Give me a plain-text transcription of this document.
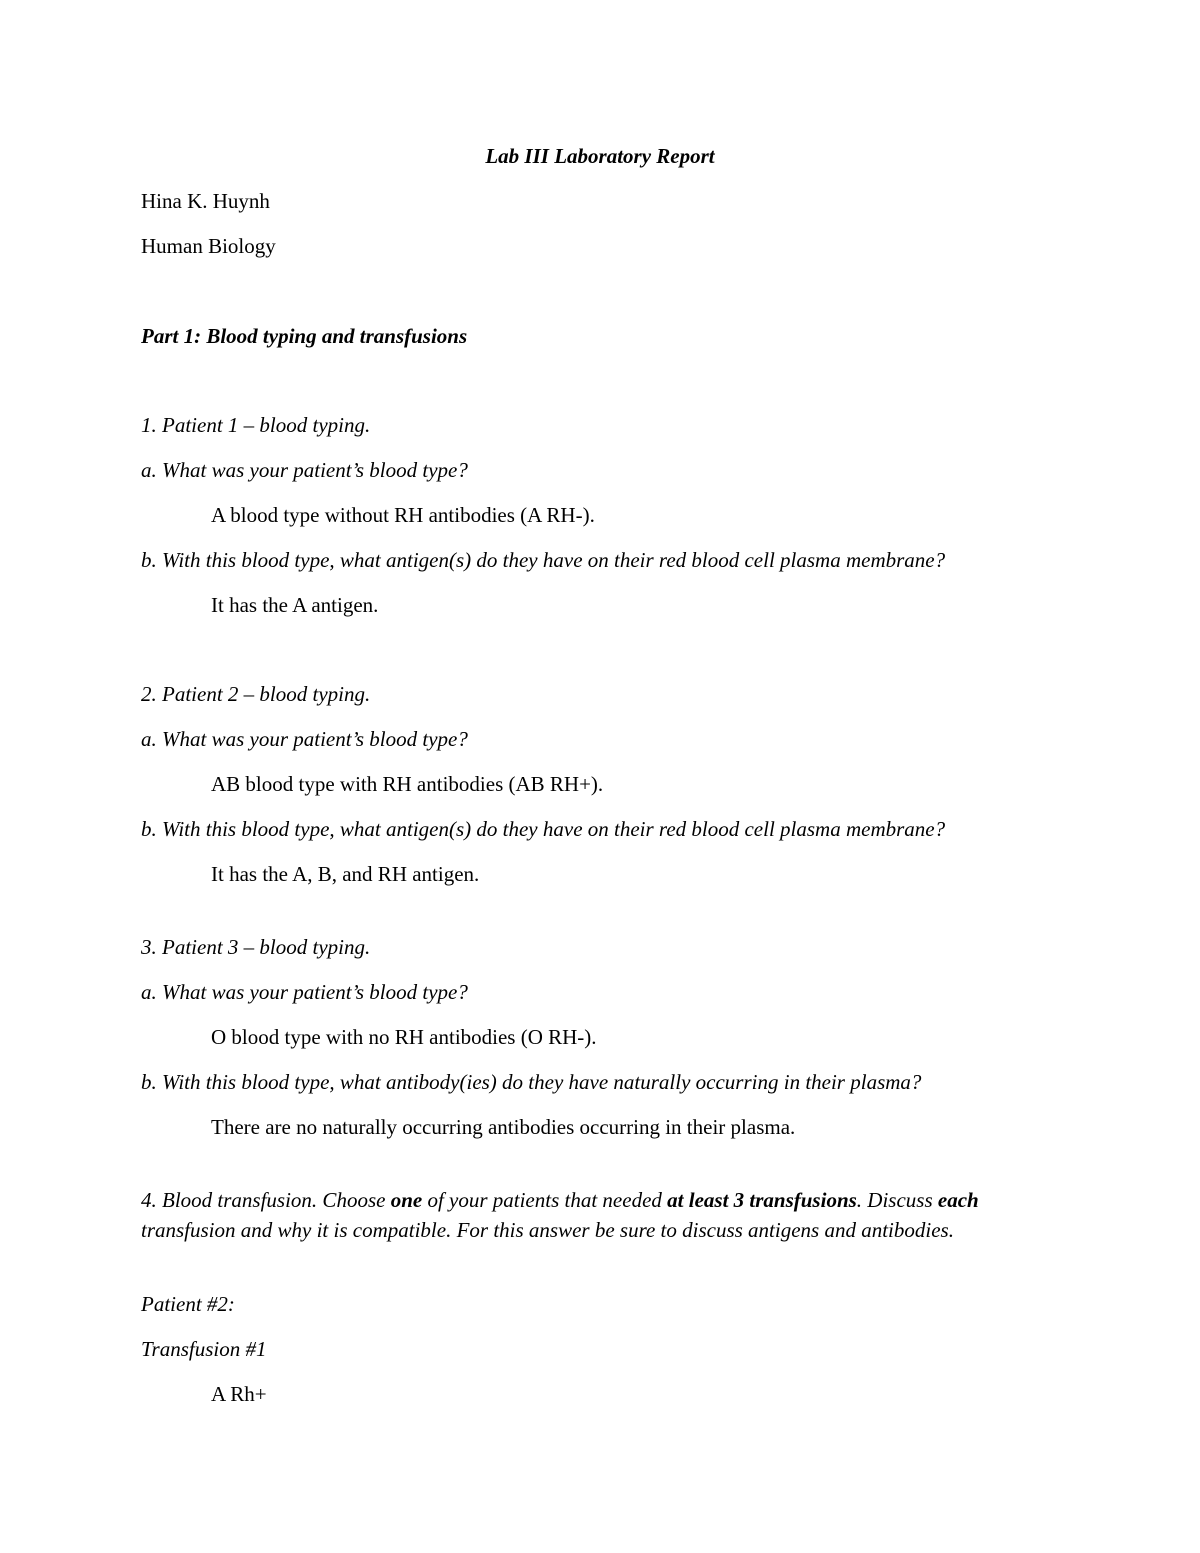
Lab III Laboratory Report
Hina K. Huynh
Human Biology
Part 1: Blood typing and transfusions
1. Patient 1 – blood typing.
a. What was your patient’s blood type?
A blood type without RH antibodies (A RH-).
b. With this blood type, what antigen(s) do they have on their red blood cell plasma membrane?
It has the A antigen.
2. Patient 2 – blood typing.
a. What was your patient’s blood type?
AB blood type with RH antibodies (AB RH+).
b. With this blood type, what antigen(s) do they have on their red blood cell plasma membrane?
It has the A, B, and RH antigen.
3. Patient 3 – blood typing.
a. What was your patient’s blood type?
O blood type with no RH antibodies (O RH-).
b. With this blood type, what antibody(ies) do they have naturally occurring in their plasma?
There are no naturally occurring antibodies occurring in their plasma.
4. Blood transfusion. Choose one of your patients that needed at least 3 transfusions. Discuss each transfusion and why it is compatible. For this answer be sure to discuss antigens and antibodies.
Patient #2:
Transfusion #1
A Rh+
